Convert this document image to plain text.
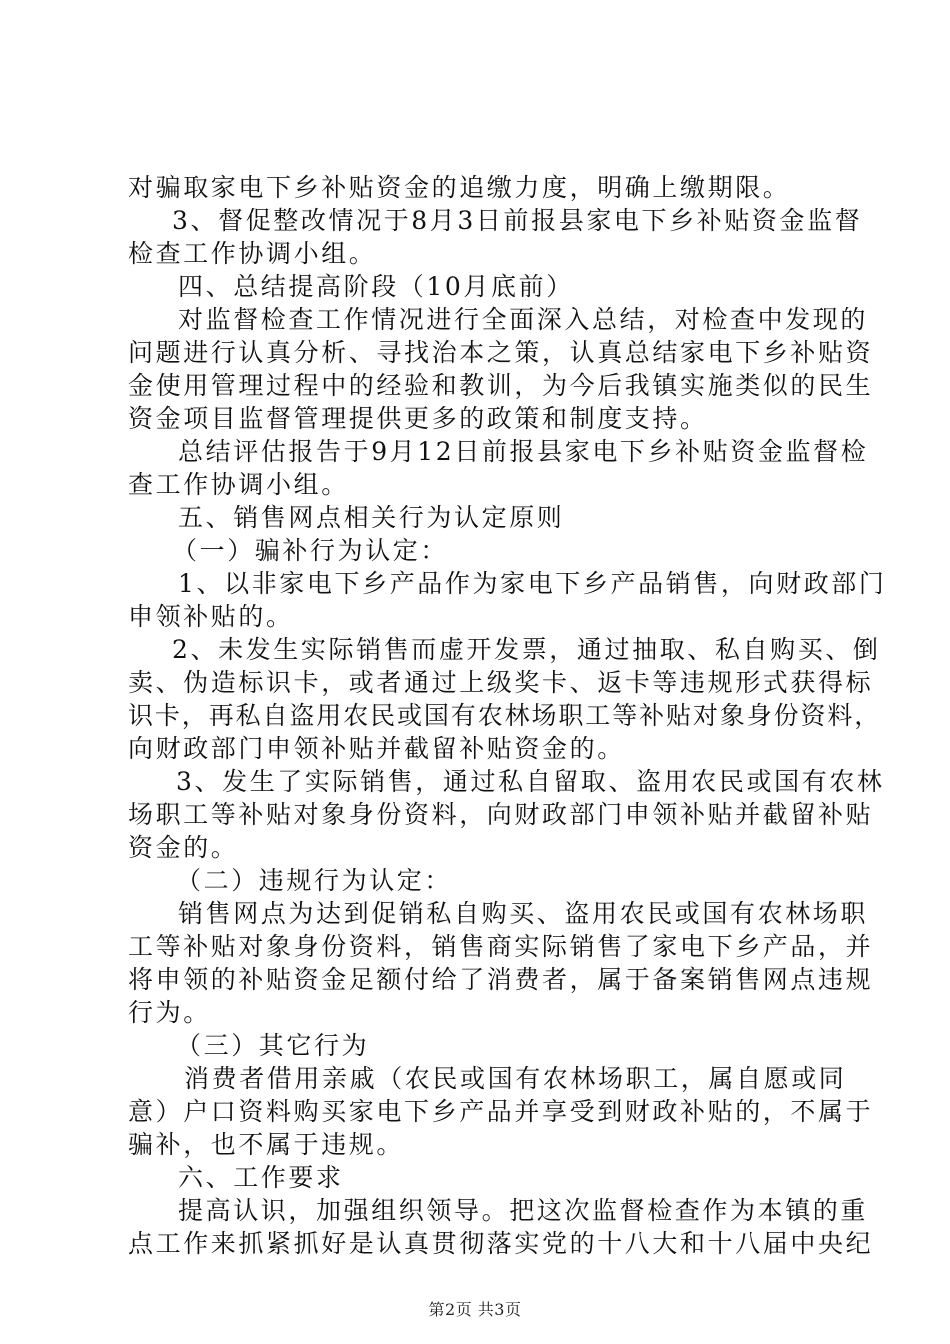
对骗取家电下乡补贴资金的追缴力度，明确上缴期限。
3、督促整改情况于8月3日前报县家电下乡补贴资金监督
检查工作协调小组。
四、总结提高阶段（10月底前）
对监督检查工作情况进行全面深入总结，对检查中发现的
问题进行认真分析、寻找治本之策，认真总结家电下乡补贴资
金使用管理过程中的经验和教训，为今后我镇实施类似的民生
资金项目监督管理提供更多的政策和制度支持。
总结评估报告于9月12日前报县家电下乡补贴资金监督检
查工作协调小组。
五、销售网点相关行为认定原则
（一）骗补行为认定：
1、以非家电下乡产品作为家电下乡产品销售，向财政部门
申领补贴的。
2、未发生实际销售而虚开发票，通过抽取、私自购买、倒
卖、伪造标识卡，或者通过上级奖卡、返卡等违规形式获得标
识卡，再私自盗用农民或国有农林场职工等补贴对象身份资料，
向财政部门申领补贴并截留补贴资金的。
3、发生了实际销售，通过私自留取、盗用农民或国有农林
场职工等补贴对象身份资料，向财政部门申领补贴并截留补贴
资金的。
（二）违规行为认定：
销售网点为达到促销私自购买、盗用农民或国有农林场职
工等补贴对象身份资料，销售商实际销售了家电下乡产品，并
将申领的补贴资金足额付给了消费者，属于备案销售网点违规
行为。
（三）其它行为
消费者借用亲戚（农民或国有农林场职工，属自愿或同
意）户口资料购买家电下乡产品并享受到财政补贴的，不属于
骗补，也不属于违规。
六、工作要求
提高认识，加强组织领导。把这次监督检查作为本镇的重
点工作来抓紧抓好是认真贯彻落实党的十八大和十八届中央纪
第2页 共3页
